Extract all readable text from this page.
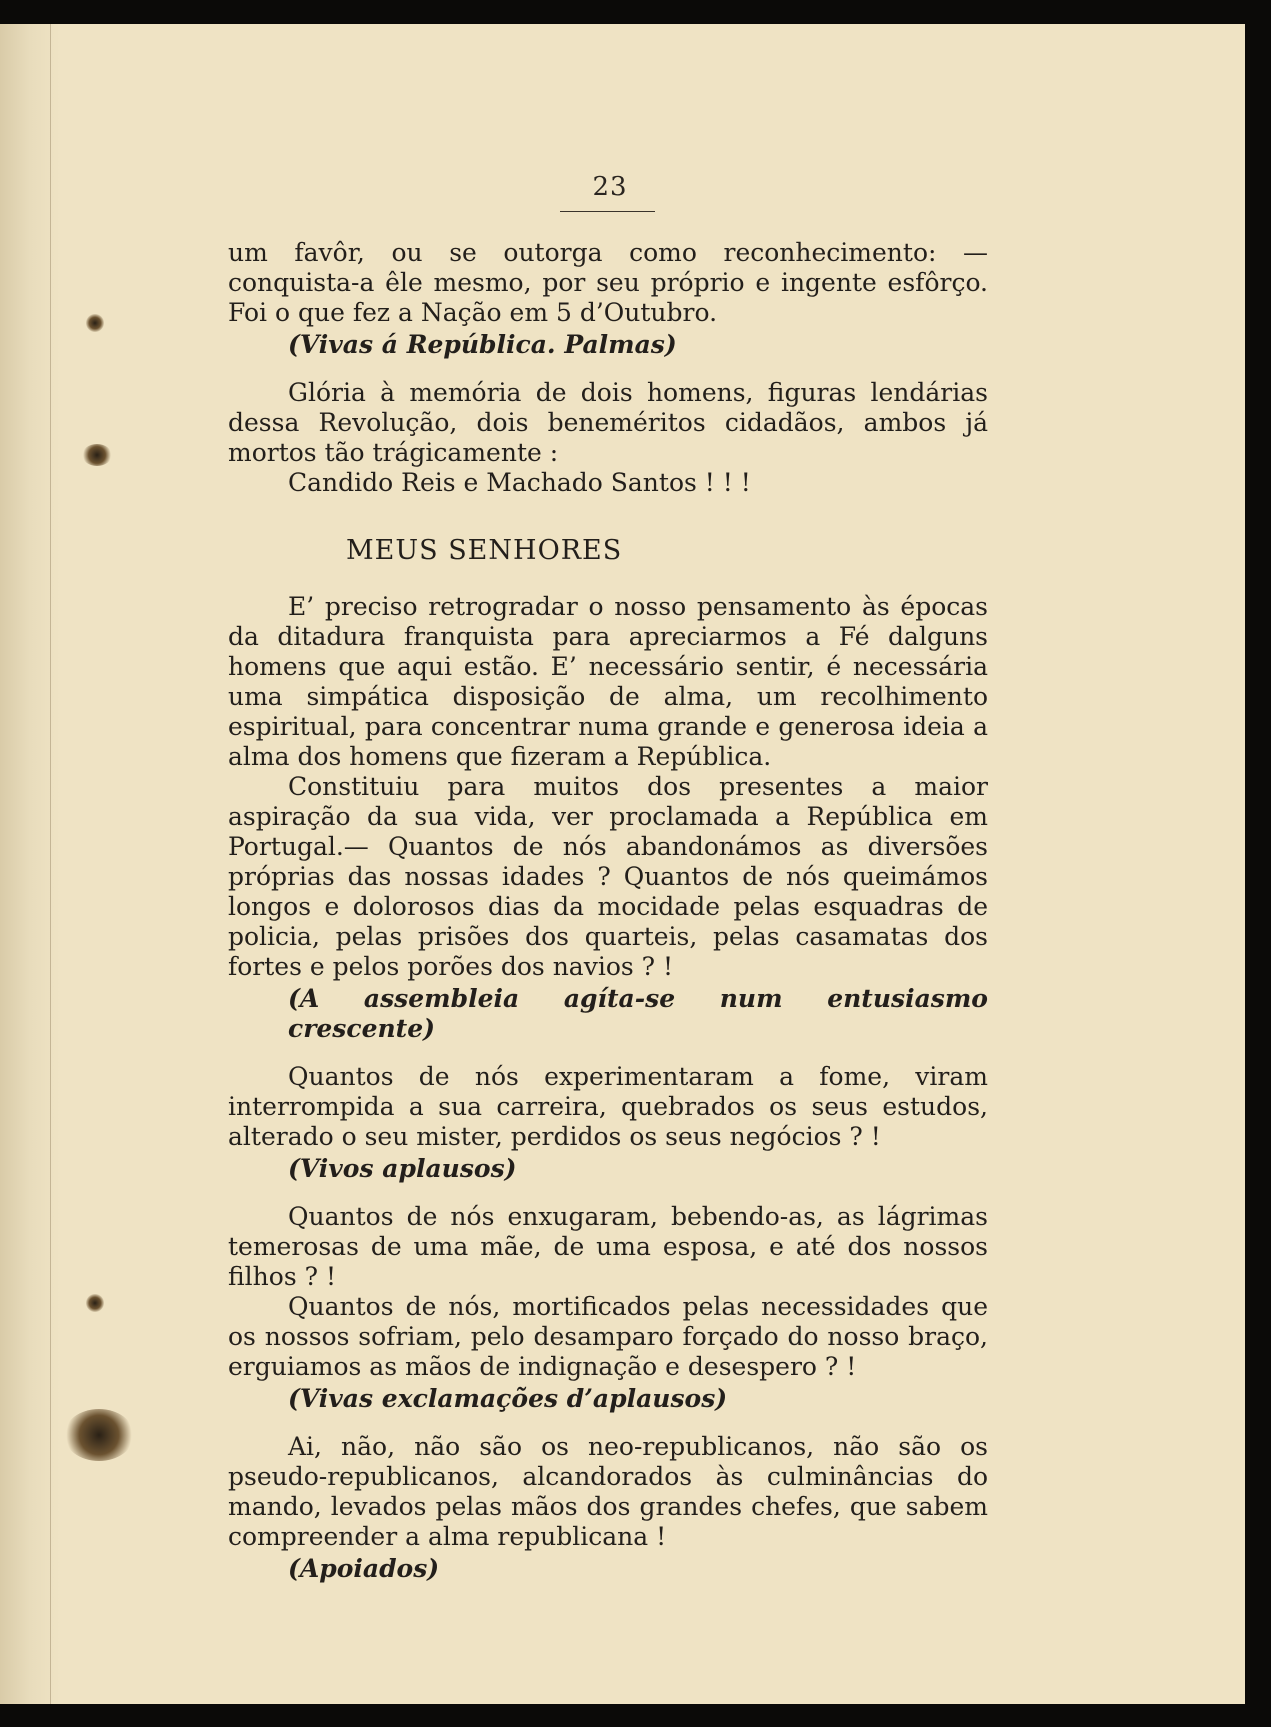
23

um favôr, ou se outorga como reconhecimento: — conquista-a êle mesmo, por seu próprio e ingente esfôrço. Foi o que fez a Nação em 5 d’Outubro.

(Vivas á República. Palmas)

Glória à memória de dois homens, figuras lendárias dessa Revolução, dois beneméritos cidadãos, ambos já mortos tão trágicamente :

Candido Reis e Machado Santos ! ! !

MEUS SENHORES

E’ preciso retrogradar o nosso pensamento às épocas da ditadura franquista para apreciarmos a Fé dalguns homens que aqui estão. E’ necessário sentir, é necessária uma simpática disposição de alma, um recolhimento espiritual, para concentrar numa grande e generosa ideia a alma dos homens que fizeram a República.

Constituiu para muitos dos presentes a maior aspiração da sua vida, ver proclamada a República em Portugal.— Quantos de nós abandonámos as diversões próprias das nossas idades ? Quantos de nós queimámos longos e dolorosos dias da mocidade pelas esquadras de policia, pelas prisões dos quarteis, pelas casamatas dos fortes e pelos porões dos navios ? !

(A assembleia agíta-se num entusiasmo crescente)

Quantos de nós experimentaram a fome, viram interrompida a sua carreira, quebrados os seus estudos, alterado o seu mister, perdidos os seus negócios ? !

(Vivos aplausos)

Quantos de nós enxugaram, bebendo-as, as lágrimas temerosas de uma mãe, de uma esposa, e até dos nossos filhos ? !

Quantos de nós, mortificados pelas necessidades que os nossos sofriam, pelo desamparo forçado do nosso braço, erguiamos as mãos de indignação e desespero ? !

(Vivas exclamações d’aplausos)

Ai, não, não são os neo-republicanos, não são os pseudo-republicanos, alcandorados às culminâncias do mando, levados pelas mãos dos grandes chefes, que sabem compreender a alma republicana !

(Apoiados)
